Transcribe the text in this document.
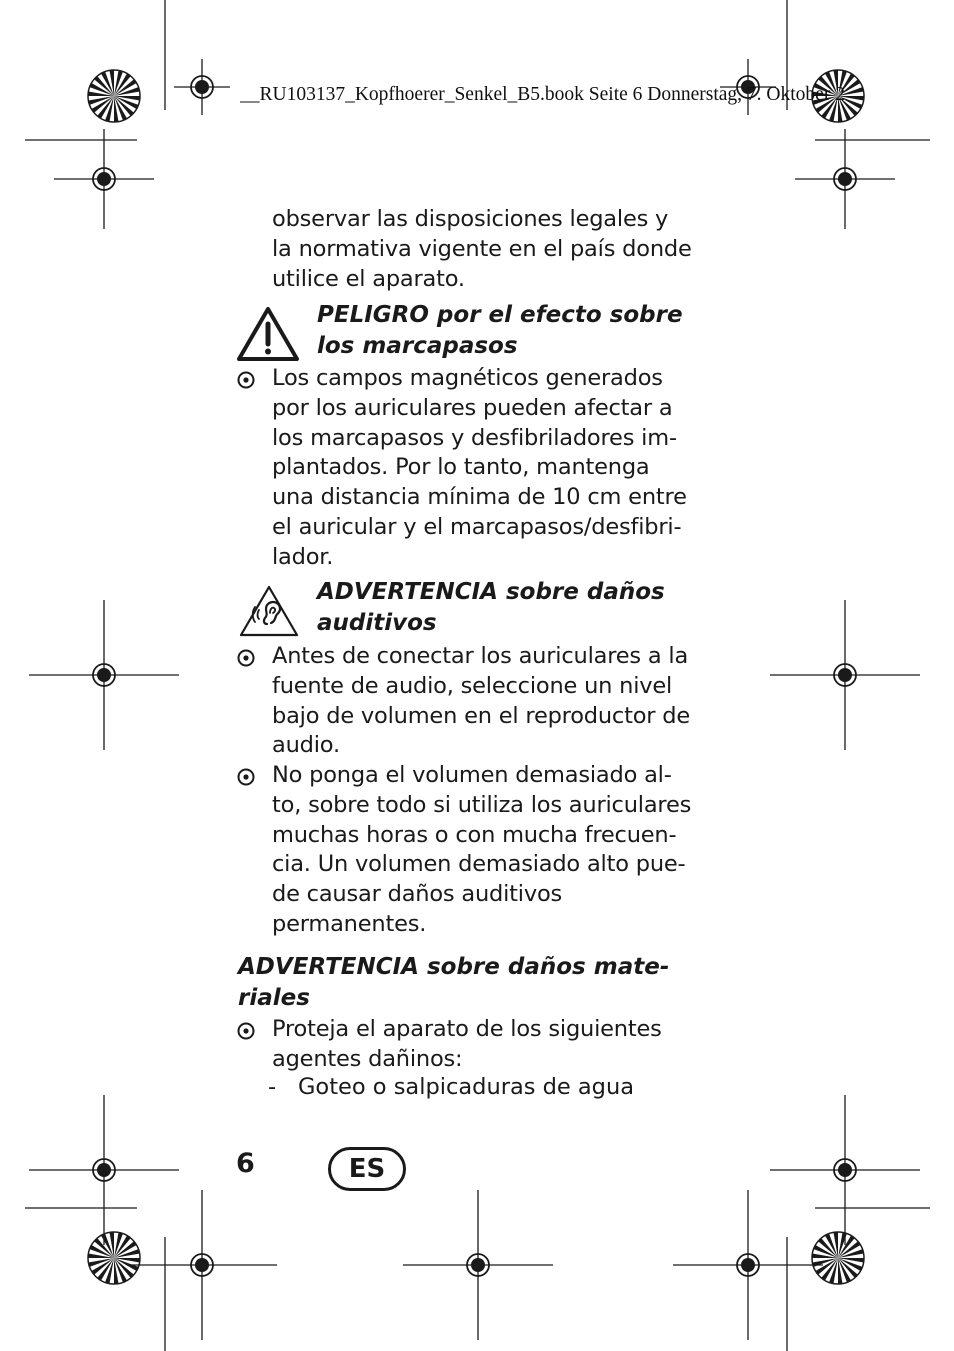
__RU103137_Kopfhoerer_Senkel_B5.book Seite 6 Donnerstag, 7. Oktober 2
observar las disposiciones legales y
la normativa vigente en el país donde
utilice el aparato.
PELIGRO por el efecto sobre
los marcapasos
Los campos magnéticos generados
por los auriculares pueden afectar a
los marcapasos y desfibriladores im-
plantados. Por lo tanto, mantenga
una distancia mínima de 10 cm entre
el auricular y el marcapasos/desfibri-
lador.
ADVERTENCIA sobre daños
auditivos
Antes de conectar los auriculares a la
fuente de audio, seleccione un nivel
bajo de volumen en el reproductor de
audio.
No ponga el volumen demasiado al-
to, sobre todo si utiliza los auriculares
muchas horas o con mucha frecuen-
cia. Un volumen demasiado alto pue-
de causar daños auditivos
permanentes.
ADVERTENCIA sobre daños mate-
riales
Proteja el aparato de los siguientes
agentes dañinos:
- Goteo o salpicaduras de agua
6	ES
